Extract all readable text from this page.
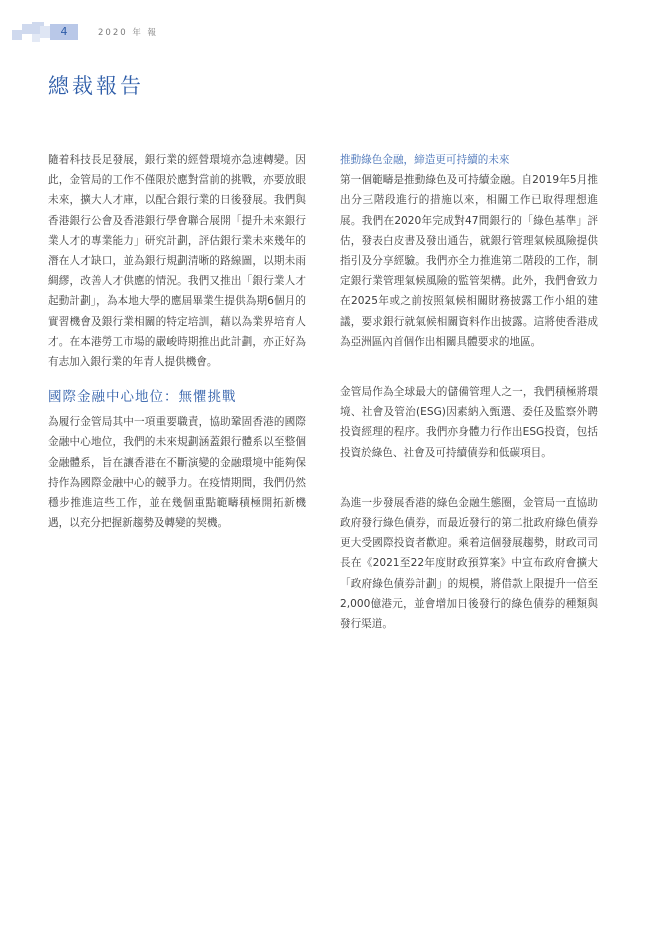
4	2020 年 報
總裁報告

隨着科技長足發展，銀行業的經營環境亦急速轉變。因此，金管局的工作不僅限於應對當前的挑戰，亦要放眼未來，擴大人才庫，以配合銀行業的日後發展。我們與香港銀行公會及香港銀行學會聯合展開「提升未來銀行業人才的專業能力」研究計劃，評估銀行業未來幾年的潛在人才缺口，並為銀行規劃清晰的路線圖，以期未雨綢繆，改善人才供應的情況。我們又推出「銀行業人才起動計劃」，為本地大學的應屆畢業生提供為期6個月的實習機會及銀行業相關的特定培訓，藉以為業界培育人才。在本港勞工市場的嚴峻時期推出此計劃，亦正好為有志加入銀行業的年青人提供機會。

國際金融中心地位：無懼挑戰

為履行金管局其中一項重要職責，協助鞏固香港的國際金融中心地位，我們的未來規劃涵蓋銀行體系以至整個金融體系，旨在讓香港在不斷演變的金融環境中能夠保持作為國際金融中心的競爭力。在疫情期間，我們仍然穩步推進這些工作，並在幾個重點範疇積極開拓新機遇，以充分把握新趨勢及轉變的契機。

推動綠色金融，締造更可持續的未來

第一個範疇是推動綠色及可持續金融。自2019年5月推出分三階段進行的措施以來，相關工作已取得理想進展。我們在2020年完成對47間銀行的「綠色基準」評估，發表白皮書及發出通告，就銀行管理氣候風險提供指引及分享經驗。我們亦全力推進第二階段的工作，制定銀行業管理氣候風險的監管架構。此外，我們會致力在2025年或之前按照氣候相關財務披露工作小組的建議，要求銀行就氣候相關資料作出披露。這將使香港成為亞洲區內首個作出相關具體要求的地區。

金管局作為全球最大的儲備管理人之一，我們積極將環境、社會及管治(ESG)因素納入甄選、委任及監察外聘投資經理的程序。我們亦身體力行作出ESG投資，包括投資於綠色、社會及可持續債券和低碳項目。

為進一步發展香港的綠色金融生態圈，金管局一直協助政府發行綠色債券，而最近發行的第二批政府綠色債券更大受國際投資者歡迎。乘着這個發展趨勢，財政司司長在《2021至22年度財政預算案》中宣布政府會擴大「政府綠色債券計劃」的規模，將借款上限提升一倍至2,000億港元，並會增加日後發行的綠色債券的種類與發行渠道。
